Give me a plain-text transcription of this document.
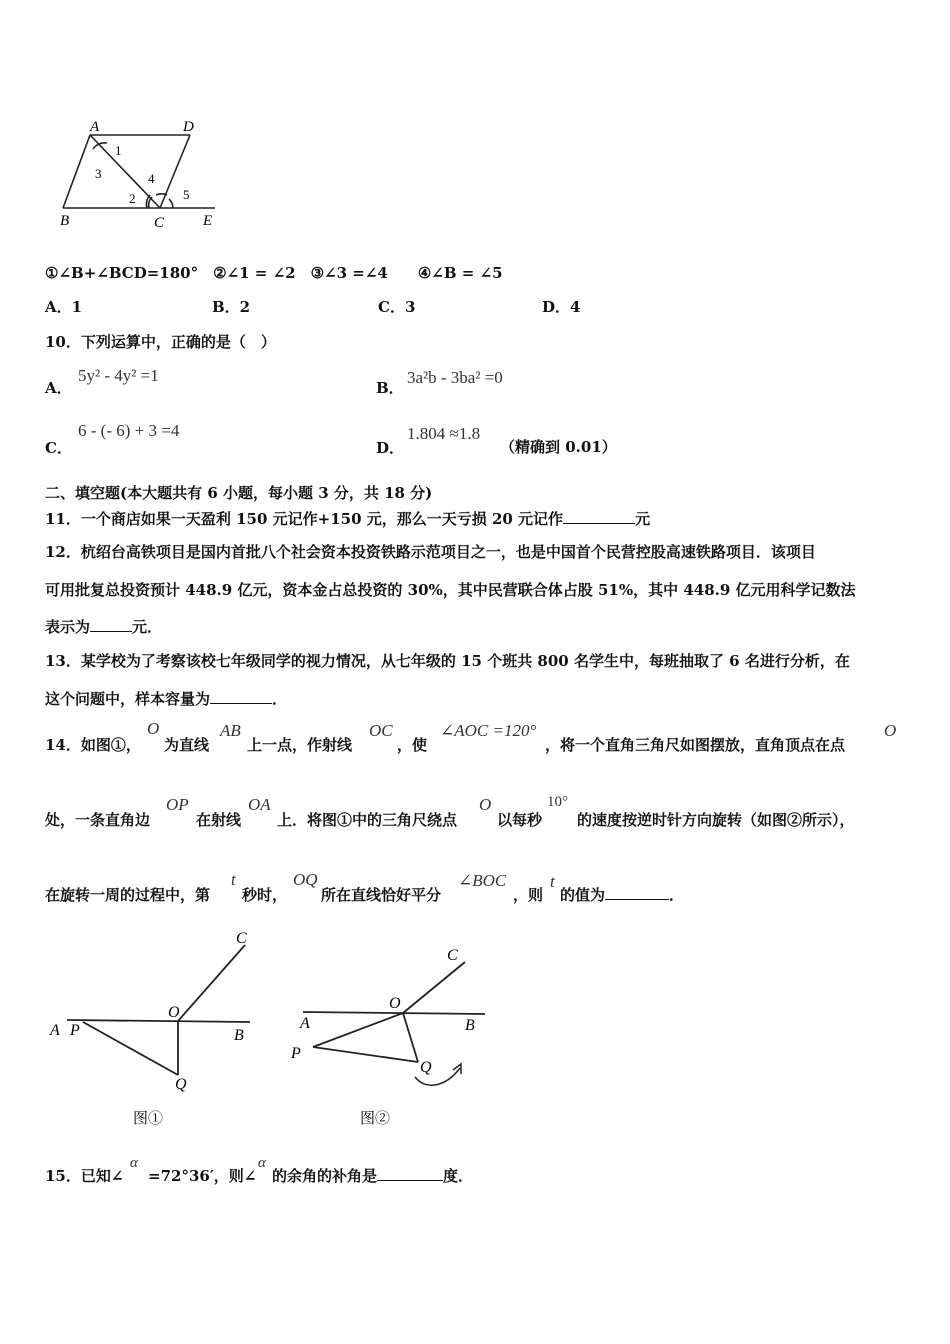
A	D
B	C	E
1
2
3	4
5
①∠B+∠BCD=180°　②∠1 = ∠2　③∠3 =∠4　　④∠B = ∠5
A．1	B．2	C．3	D．4
10．下列运算中，正确的是（　）
A．
5y² - 4y² =1
B．
3a²b - 3ba² =0
C．
6 - (- 6) + 3 =4
D．
1.804 ≈1.8
（精确到 0.01）
二、填空题(本大题共有 6 小题，每小题 3 分，共 18 分)
11．一个商店如果一天盈利 150 元记作+150 元，那么一天亏损 20 元记作	元
12．杭绍台高铁项目是国内首批八个社会资本投资铁路示范项目之一，也是中国首个民营控股高速铁路项目．该项目
可用批复总投资预计 448.9 亿元，资本金占总投资的 30%，其中民营联合体占股 51%，其中 448.9 亿元用科学记数法
表示为	元．
13．某学校为了考察该校七年级同学的视力情况，从七年级的 15 个班共 800 名学生中，每班抽取了 6 名进行分析，在
这个问题中，样本容量为	．
14．如图①，
O
为直线
AB
上一点，作射线
OC
，使
∠AOC =120°
，将一个直角三角尺如图摆放，直角顶点在点
O
处，一条直角边
OP
在射线
OA
上．将图①中的三角尺绕点
O
以每秒
10°
的速度按逆时针方向旋转（如图②所示），
在旋转一周的过程中，第
t
秒时，
OQ
所在直线恰好平分
∠BOC
，则
t
的值为	．
C
O
A P	B
Q
图①
C
O
A	B
P
Q
图②
15．已知∠
α
=72°36′，则∠
α
的余角的补角是	度．
